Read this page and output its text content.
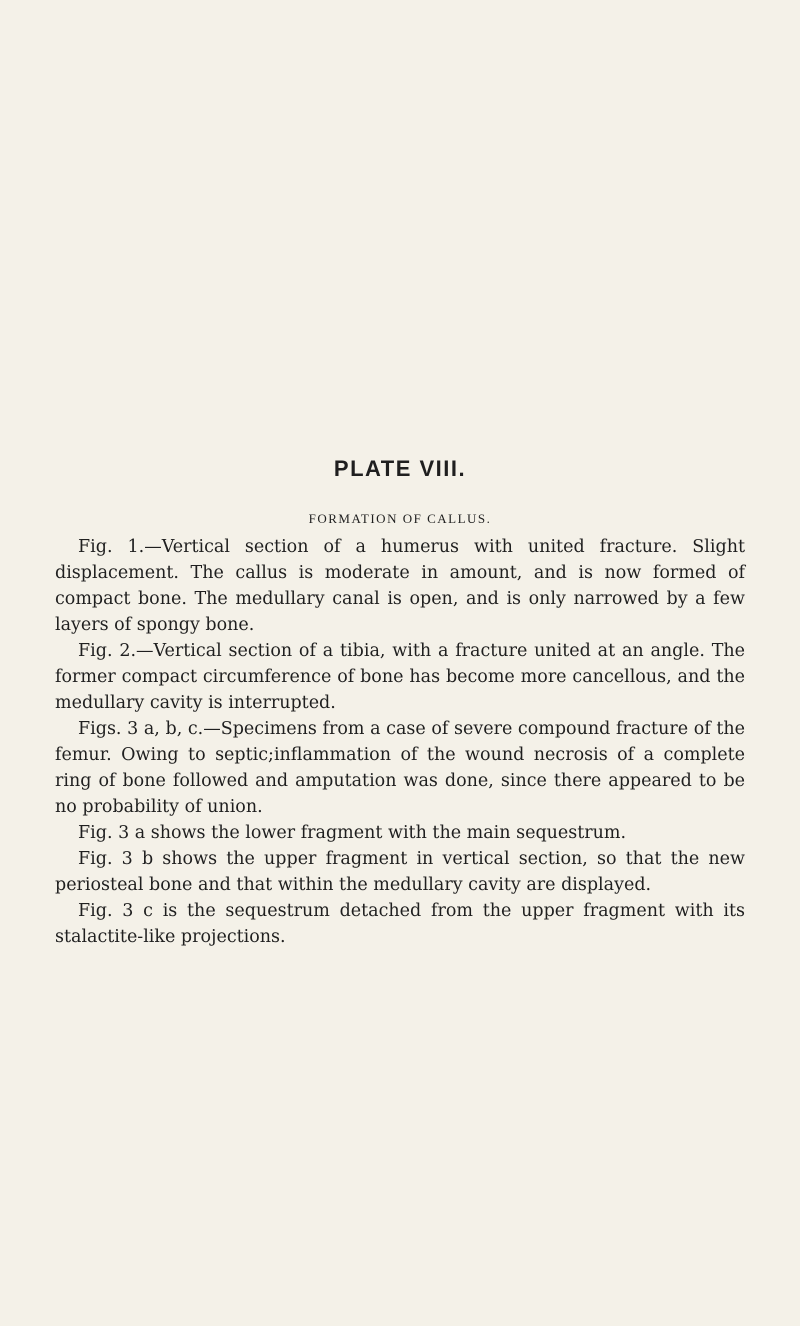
PLATE VIII.
FORMATION OF CALLUS.

Fig. 1.—Vertical section of a humerus with united fracture. Slight displacement. The callus is moderate in amount, and is now formed of compact bone. The medullary canal is open, and is only narrowed by a few layers of spongy bone.

Fig. 2.—Vertical section of a tibia, with a fracture united at an angle. The former compact circumference of bone has become more cancellous, and the medullary cavity is interrupted.

Figs. 3 a, b, c.—Specimens from a case of severe compound fracture of the femur. Owing to septic;inflammation of the wound necrosis of a complete ring of bone followed and amputation was done, since there appeared to be no probability of union.

Fig. 3 a shows the lower fragment with the main sequestrum.

Fig. 3 b shows the upper fragment in vertical section, so that the new periosteal bone and that within the medullary cavity are displayed.

Fig. 3 c is the sequestrum detached from the upper fragment with its stalactite-like projections.
